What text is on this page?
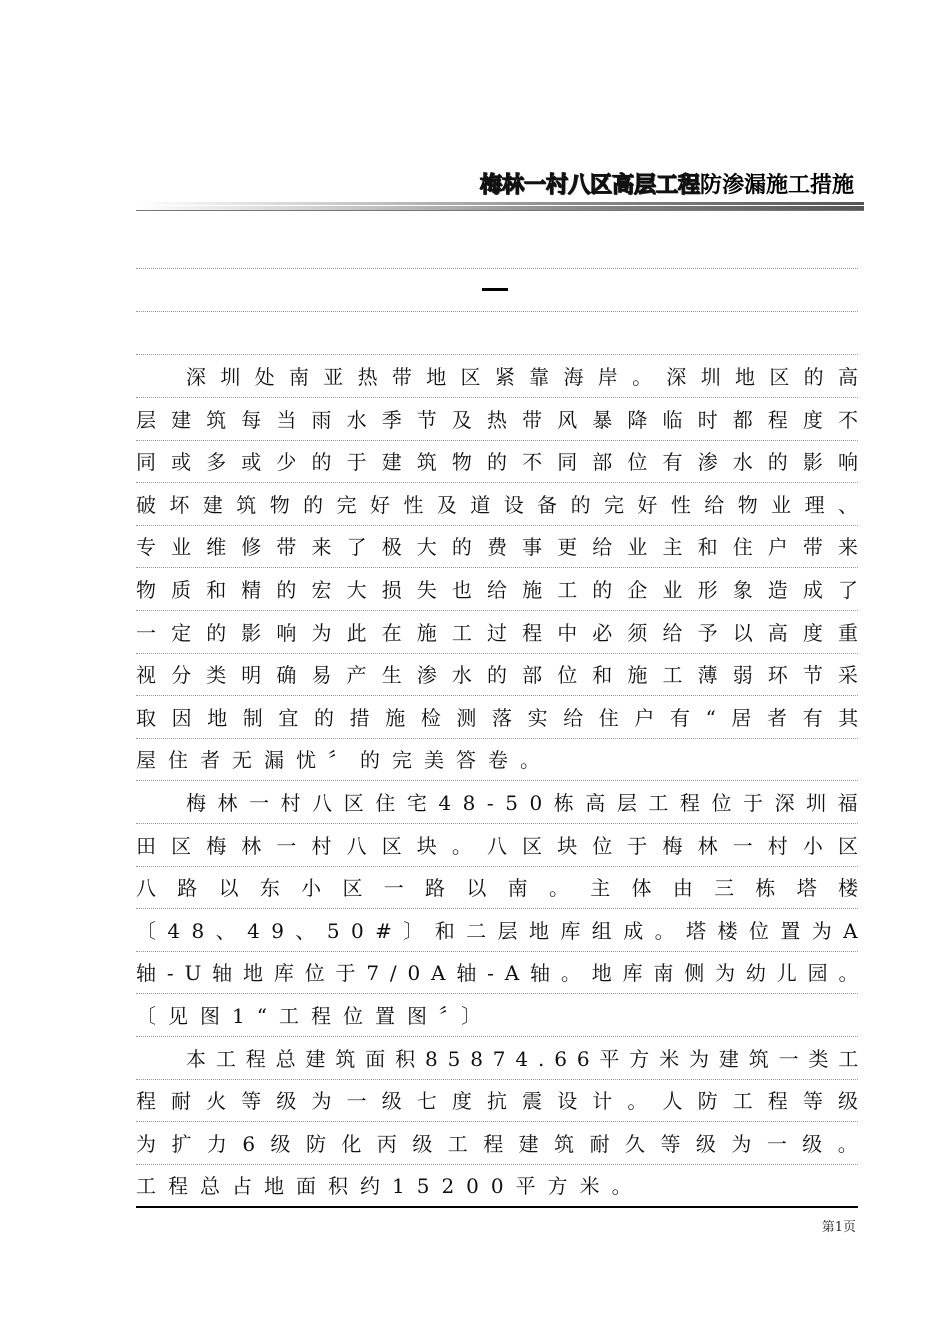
梅林一村八区高层工程防渗漏施工措施
深圳处南亚热带地区紧靠海岸。深圳地区的高
层建筑每当雨水季节及热带风暴降临时都程度不
同或多或少的于建筑物的不同部位有渗水的影响
破坏建筑物的完好性及道设备的完好性给物业理、
专业维修带来了极大的费事更给业主和住户带来
物质和精的宏大损失也给施工的企业形象造成了
一定的影响为此在施工过程中必须给予以高度重
视分类明确易产生渗水的部位和施工薄弱环节采
取因地制宜的措施检测落实给住户有“居者有其
屋住者无漏忧〞的完美答卷。
梅林一村八区住宅48-50栋高层工程位于深圳福
田区梅林一村八区块。八区块位于梅林一村小区
八路以东小区一路以南。主体由三栋塔楼
〔48、49、50#〕和二层地库组成。塔楼位置为A
轴-U轴地库位于7/0A轴-A轴。地库南侧为幼儿园。
〔见图1“工程位置图〞〕
本工程总建筑面积85874.66平方米为建筑一类工
程耐火等级为一级七度抗震设计。人防工程等级
为扩力6级防化丙级工程建筑耐久等级为一级。
工程总占地面积约15200平方米。
第1页
